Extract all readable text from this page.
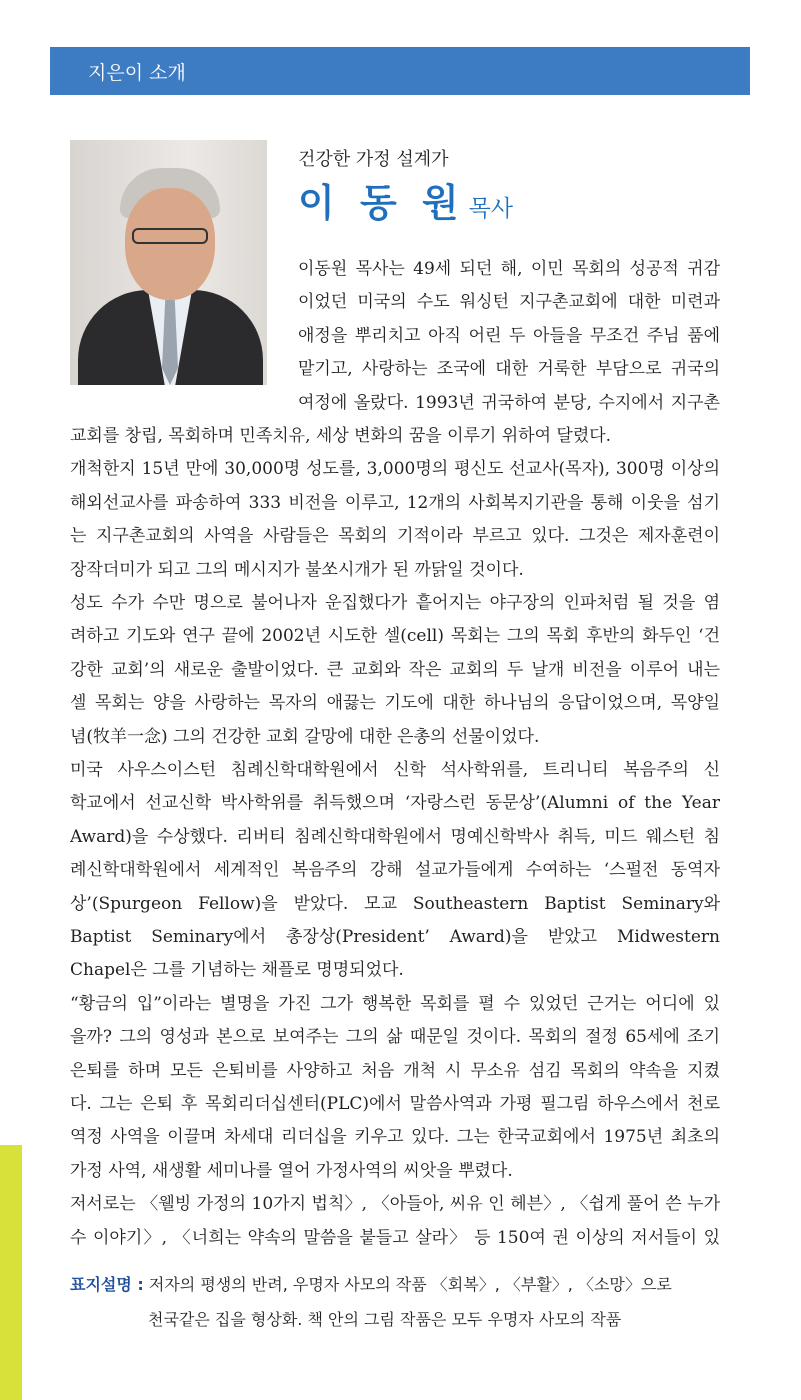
지은이 소개
건강한 가정 설계가
이 동 원 목사
이동원 목사는 49세 되던 해, 이민 목회의 성공적 귀감
이었던 미국의 수도 워싱턴 지구촌교회에 대한 미련과
애정을 뿌리치고 아직 어린 두 아들을 무조건 주님 품에
맡기고, 사랑하는 조국에 대한 거룩한 부담으로 귀국의
여정에 올랐다. 1993년 귀국하여 분당, 수지에서 지구촌
교회를 창립, 목회하며 민족치유, 세상 변화의 꿈을 이루기 위하여 달렸다.
개척한지 15년 만에 30,000명 성도를, 3,000명의 평신도 선교사(목자), 300명 이상의
해외선교사를 파송하여 333 비전을 이루고, 12개의 사회복지기관을 통해 이웃을 섬기
는 지구촌교회의 사역을 사람들은 목회의 기적이라 부르고 있다. 그것은 제자훈련이
장작더미가 되고 그의 메시지가 불쏘시개가 된 까닭일 것이다.
성도 수가 수만 명으로 불어나자 운집했다가 흩어지는 야구장의 인파처럼 될 것을 염
려하고 기도와 연구 끝에 2002년 시도한 셀(cell) 목회는 그의 목회 후반의 화두인 ‘건
강한 교회’의 새로운 출발이었다. 큰 교회와 작은 교회의 두 날개 비전을 이루어 내는
셀 목회는 양을 사랑하는 목자의 애끓는 기도에 대한 하나님의 응답이었으며, 목양일
념(牧羊一念) 그의 건강한 교회 갈망에 대한 은총의 선물이었다.
미국 사우스이스턴 침례신학대학원에서 신학 석사학위를, 트리니티 복음주의 신
학교에서 선교신학 박사학위를 취득했으며 ‘자랑스런 동문상’(Alumni of the Year
Award)을 수상했다. 리버티 침례신학대학원에서 명예신학박사 취득, 미드 웨스턴 침
례신학대학원에서 세계적인 복음주의 강해 설교가들에게 수여하는 ‘스펄전 동역자
상’(Spurgeon Fellow)을 받았다. 모교 Southeastern Baptist Seminary와
Baptist Seminary에서 총장상(President’ Award)을 받았고 Midwestern
Chapel은 그를 기념하는 채플로 명명되었다.
“황금의 입”이라는 별명을 가진 그가 행복한 목회를 펼 수 있었던 근거는 어디에 있
을까? 그의 영성과 본으로 보여주는 그의 삶 때문일 것이다. 목회의 절정 65세에 조기
은퇴를 하며 모든 은퇴비를 사양하고 처음 개척 시 무소유 섬김 목회의 약속을 지켰
다. 그는 은퇴 후 목회리더십센터(PLC)에서 말씀사역과 가평 필그림 하우스에서 천로
역정 사역을 이끌며 차세대 리더십을 키우고 있다. 그는 한국교회에서 1975년 최초의
가정 사역, 새생활 세미나를 열어 가정사역의 씨앗을 뿌렸다.
저서로는 〈웰빙 가정의 10가지 법칙〉, 〈아들아, 씨유 인 헤븐〉, 〈쉽게 풀어 쓴 누가
수 이야기〉, 〈너희는 약속의 말씀을 붙들고 살라〉 등 150여 권 이상의 저서들이 있
표지설명 : 저자의 평생의 반려, 우명자 사모의 작품 〈회복〉, 〈부활〉, 〈소망〉으로
천국같은 집을 형상화. 책 안의 그림 작품은 모두 우명자 사모의 작품
